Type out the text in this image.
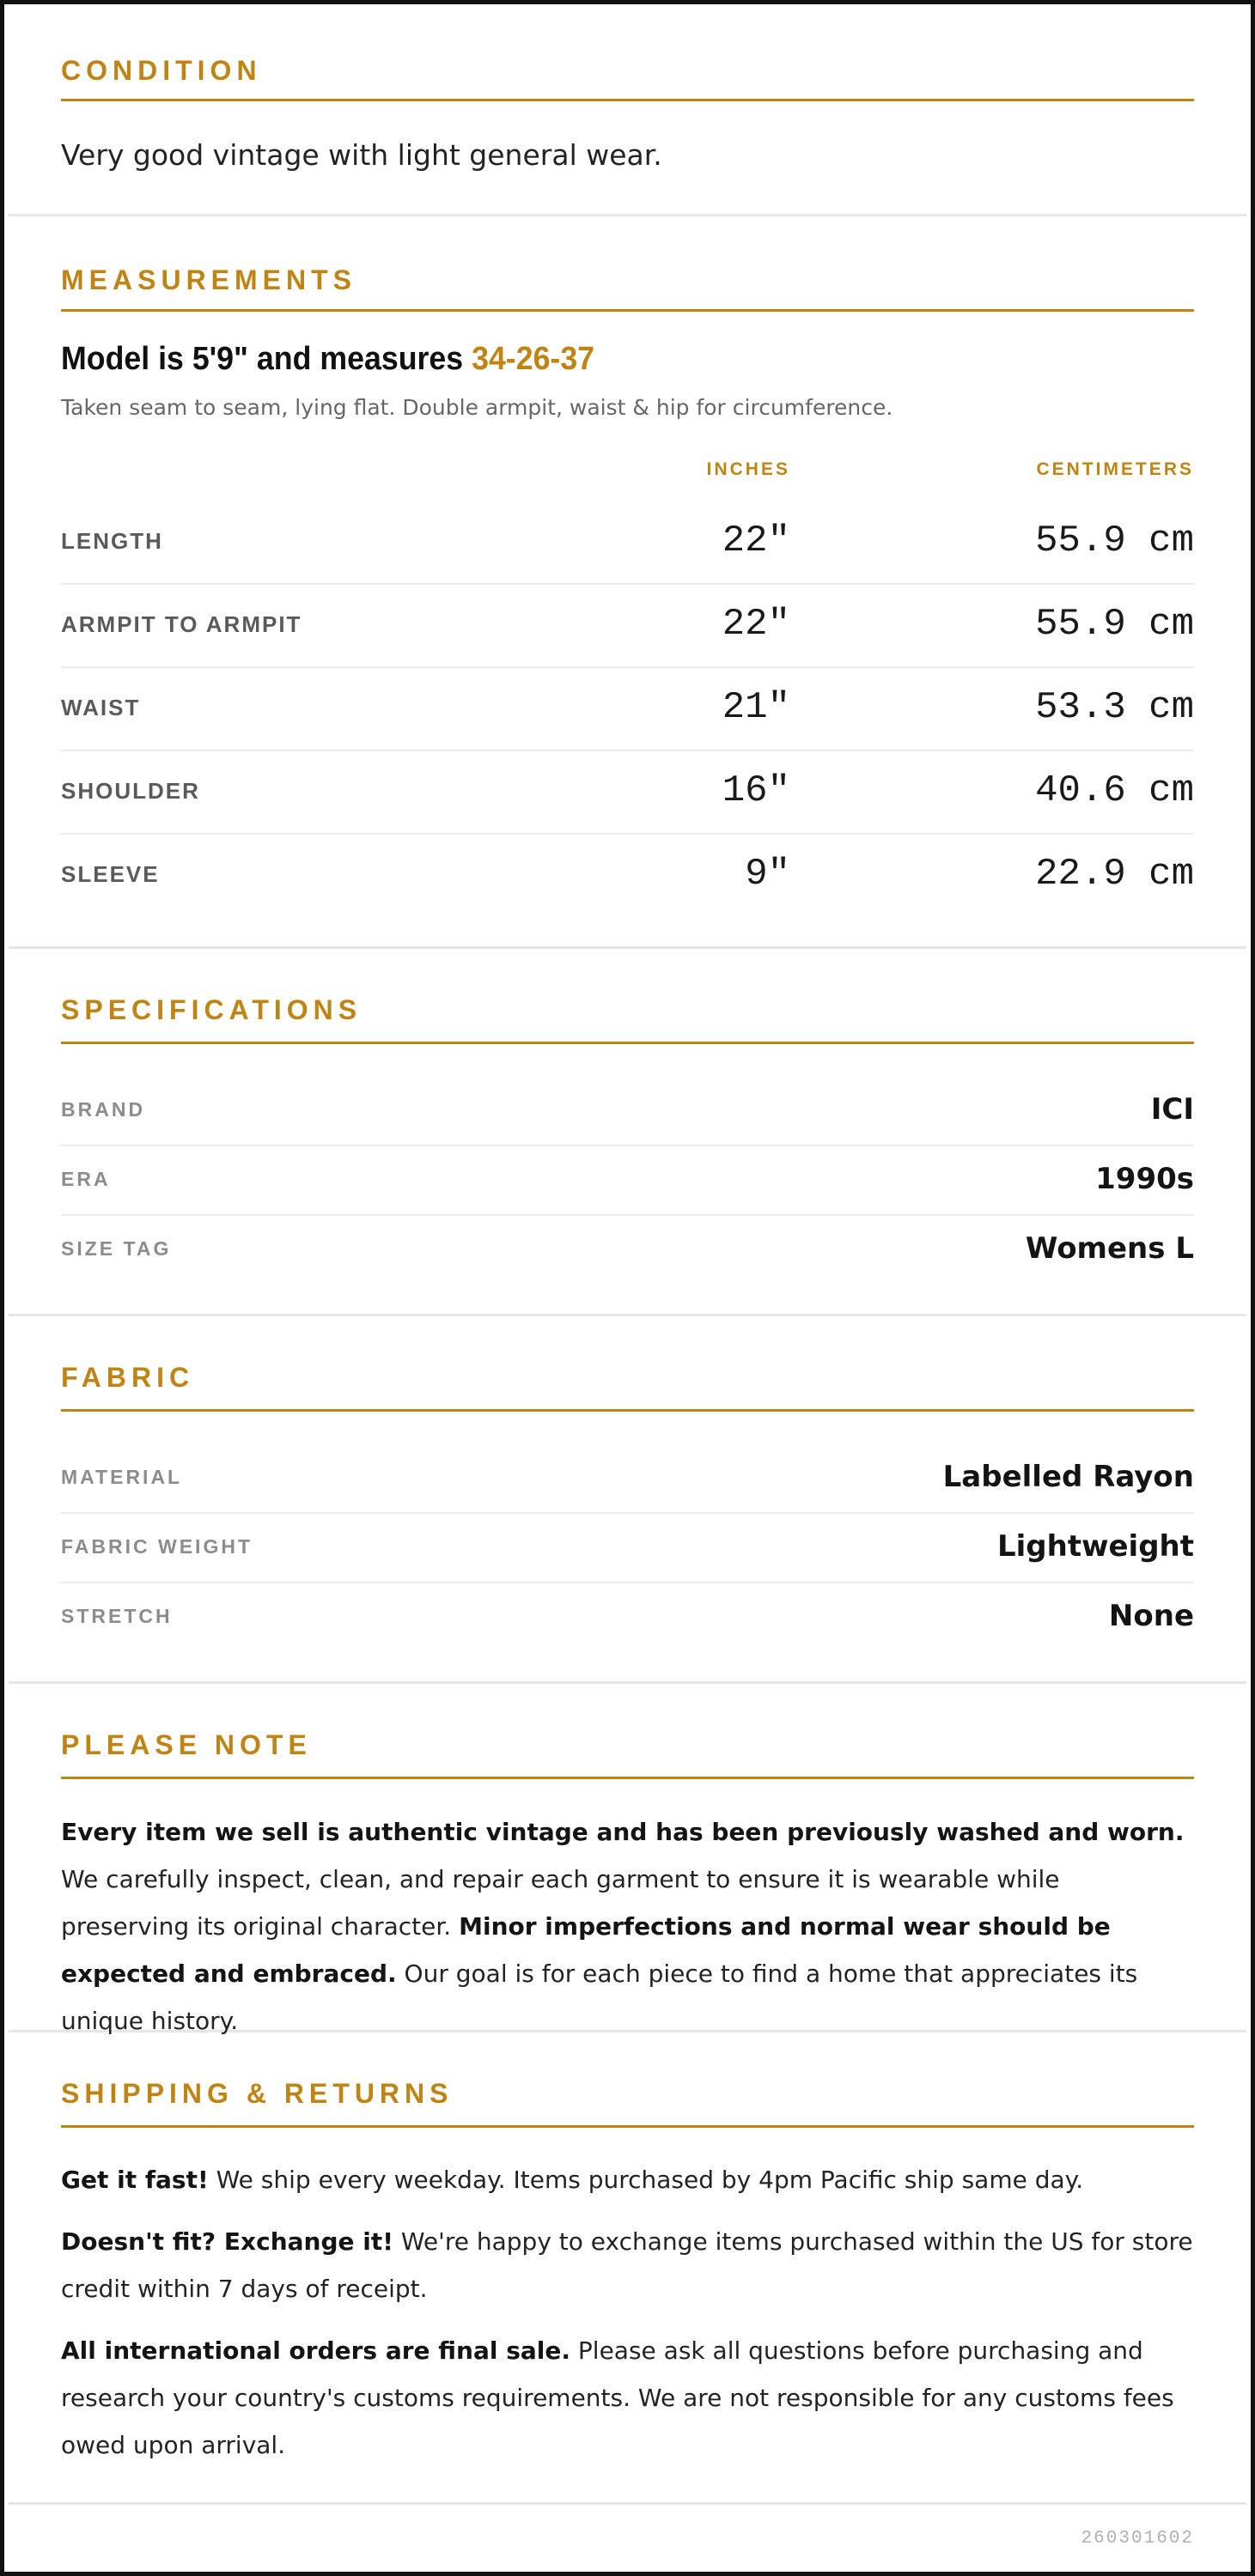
CONDITION
Very good vintage with light general wear.
MEASUREMENTS
Model is 5'9" and measures 34-26-37
Taken seam to seam, lying flat. Double armpit, waist & hip for circumference.
INCHES	CENTIMETERS
LENGTH	22"	55.9 cm
ARMPIT TO ARMPIT	22"	55.9 cm
WAIST	21"	53.3 cm
SHOULDER	16"	40.6 cm
SLEEVE	9"	22.9 cm
SPECIFICATIONS
BRAND	ICI
ERA	1990s
SIZE TAG	Womens L
FABRIC
MATERIAL	Labelled Rayon
FABRIC WEIGHT	Lightweight
STRETCH	None
PLEASE NOTE

Every item we sell is authentic vintage and has been previously washed and worn. We carefully inspect, clean, and repair each garment to ensure it is wearable while preserving its original character. Minor imperfections and normal wear should be expected and embraced. Our goal is for each piece to find a home that appreciates its unique history.

SHIPPING & RETURNS

Get it fast! We ship every weekday. Items purchased by 4pm Pacific ship same day.

Doesn't fit? Exchange it! We're happy to exchange items purchased within the US for store credit within 7 days of receipt.

All international orders are final sale. Please ask all questions before purchasing and research your country's customs requirements. We are not responsible for any customs fees owed upon arrival.

260301602
